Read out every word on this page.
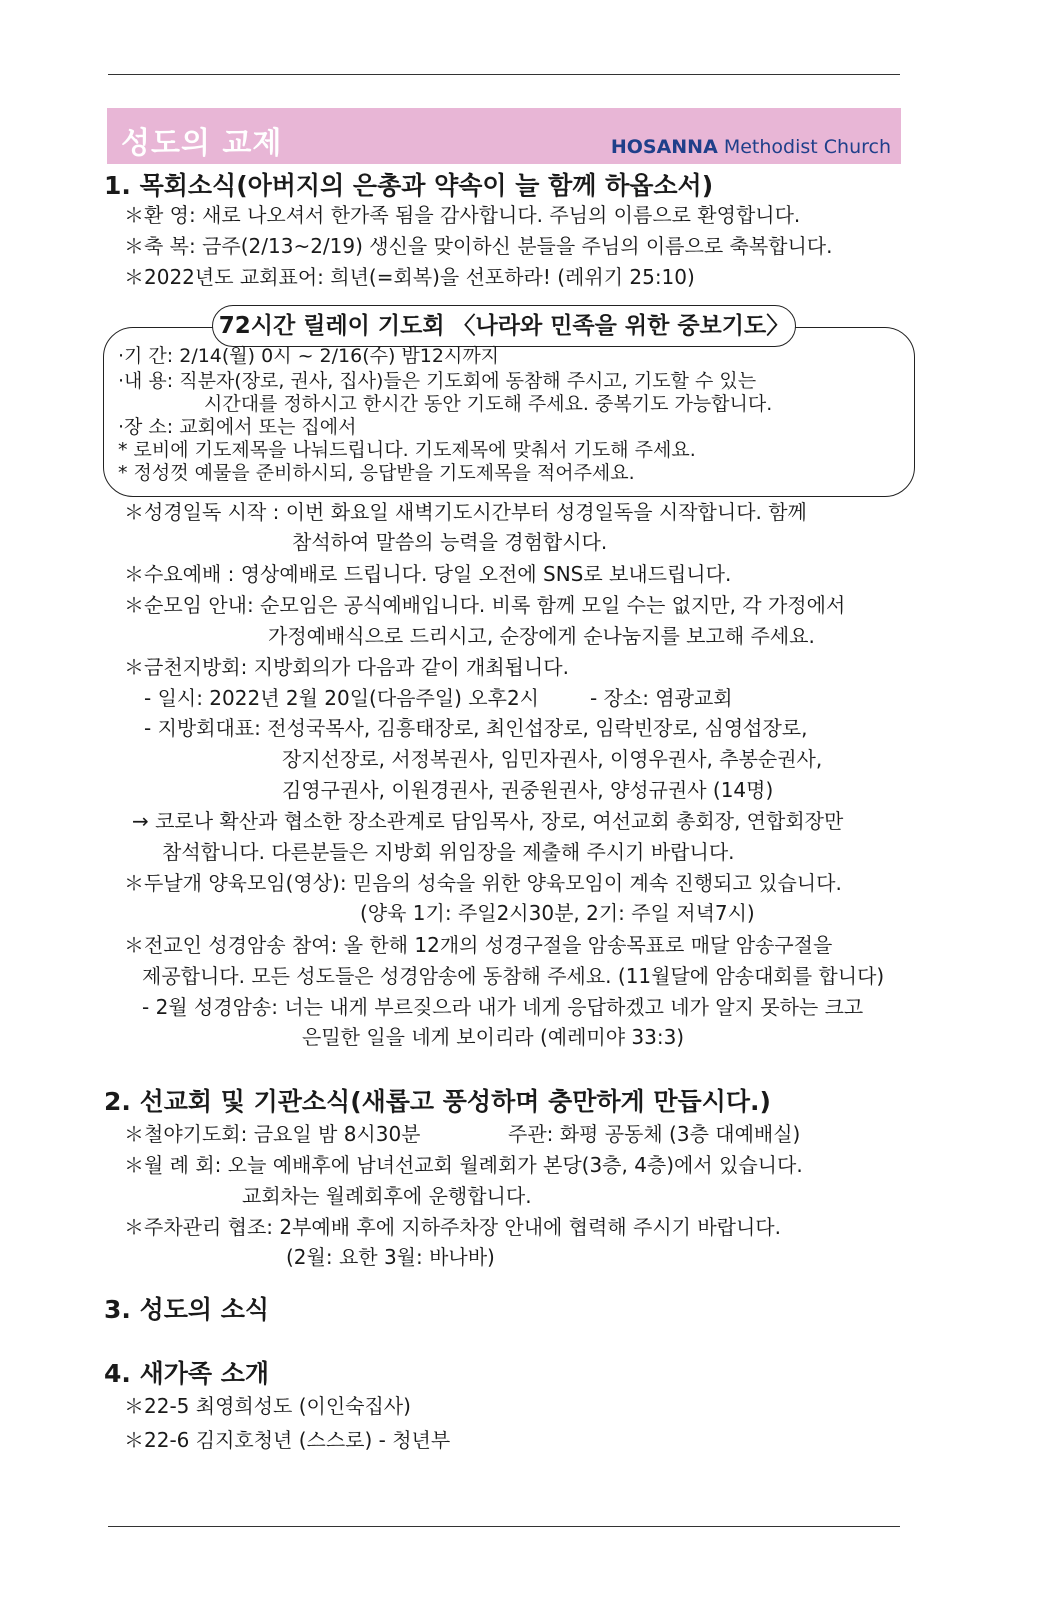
성도의 교제	HOSANNA Methodist Church
1. 목회소식(아버지의 은총과 약속이 늘 함께 하옵소서)
＊환 영: 새로 나오셔서 한가족 됨을 감사합니다. 주님의 이름으로 환영합니다.
＊축 복: 금주(2/13~2/19) 생신을 맞이하신 분들을 주님의 이름으로 축복합니다.
＊2022년도 교회표어: 희년(=회복)을 선포하라! (레위기 25:10)
72시간 릴레이 기도회 〈나라와 민족을 위한 중보기도〉
·기 간: 2/14(월) 0시 ~ 2/16(수) 밤12시까지
·내 용: 직분자(장로, 권사, 집사)들은 기도회에 동참해 주시고, 기도할 수 있는
시간대를 정하시고 한시간 동안 기도해 주세요. 중복기도 가능합니다.
·장 소: 교회에서 또는 집에서
* 로비에 기도제목을 나눠드립니다. 기도제목에 맞춰서 기도해 주세요.
* 정성껏 예물을 준비하시되, 응답받을 기도제목을 적어주세요.
＊성경일독 시작 : 이번 화요일 새벽기도시간부터 성경일독을 시작합니다. 함께
참석하여 말씀의 능력을 경험합시다.
＊수요예배 : 영상예배로 드립니다. 당일 오전에 SNS로 보내드립니다.
＊순모임 안내: 순모임은 공식예배입니다. 비록 함께 모일 수는 없지만, 각 가정에서
가정예배식으로 드리시고, 순장에게 순나눔지를 보고해 주세요.
＊금천지방회: 지방회의가 다음과 같이 개최됩니다.
- 일시: 2022년 2월 20일(다음주일) 오후2시	- 장소: 염광교회
- 지방회대표: 전성국목사, 김흥태장로, 최인섭장로, 임락빈장로, 심영섭장로,
장지선장로, 서정복권사, 임민자권사, 이영우권사, 추봉순권사,
김영구권사, 이원경권사, 권중원권사, 양성규권사 (14명)
→ 코로나 확산과 협소한 장소관계로 담임목사, 장로, 여선교회 총회장, 연합회장만
참석합니다. 다른분들은 지방회 위임장을 제출해 주시기 바랍니다.
＊두날개 양육모임(영상): 믿음의 성숙을 위한 양육모임이 계속 진행되고 있습니다.
(양육 1기: 주일2시30분, 2기: 주일 저녁7시)
＊전교인 성경암송 참여: 올 한해 12개의 성경구절을 암송목표로 매달 암송구절을
제공합니다. 모든 성도들은 성경암송에 동참해 주세요. (11월달에 암송대회를 합니다)
- 2월 성경암송: 너는 내게 부르짖으라 내가 네게 응답하겠고 네가 알지 못하는 크고
은밀한 일을 네게 보이리라 (예레미야 33:3)
2. 선교회 및 기관소식(새롭고 풍성하며 충만하게 만듭시다.)
＊철야기도회: 금요일 밤 8시30분	주관: 화평 공동체 (3층 대예배실)
＊월 례 회: 오늘 예배후에 남녀선교회 월례회가 본당(3층, 4층)에서 있습니다.
교회차는 월례회후에 운행합니다.
＊주차관리 협조: 2부예배 후에 지하주차장 안내에 협력해 주시기 바랍니다.
(2월: 요한 3월: 바나바)
3. 성도의 소식
4. 새가족 소개
＊22-5 최영희성도 (이인숙집사)
＊22-6 김지호청년 (스스로) - 청년부
